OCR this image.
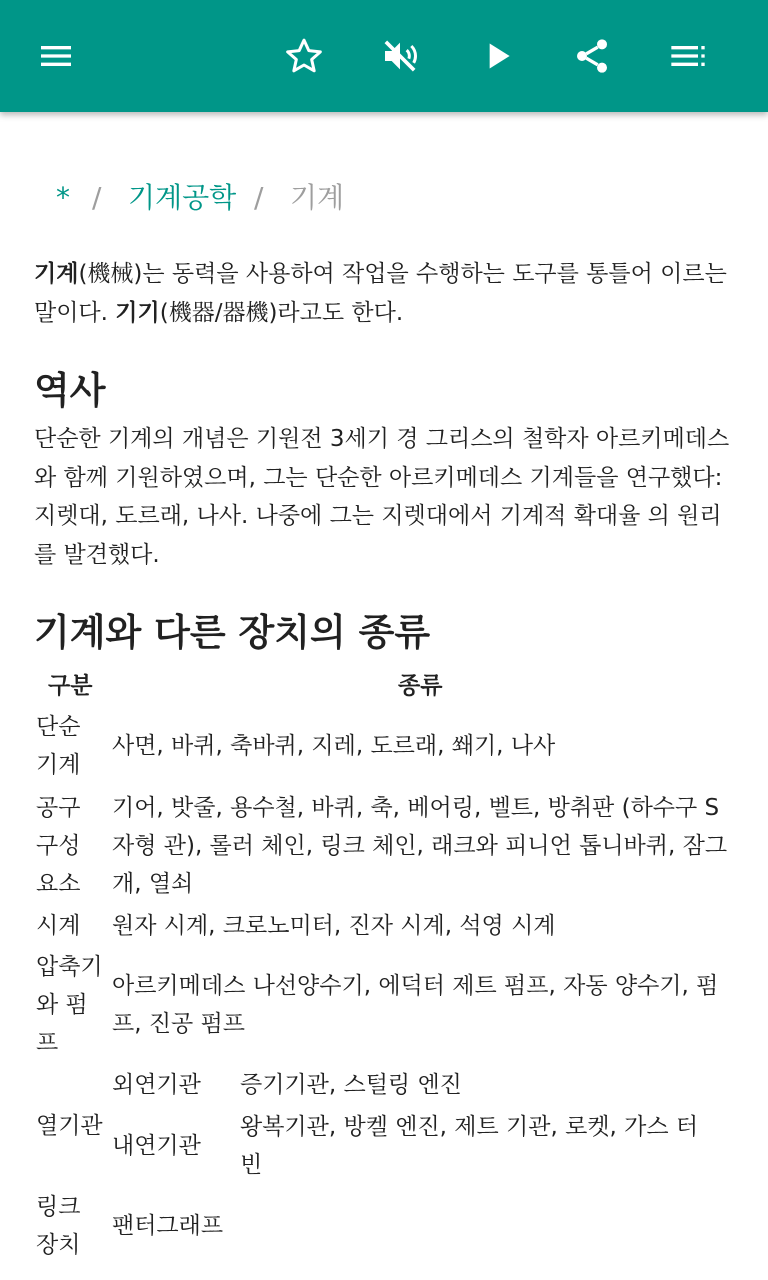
* / 기계공학 / 기계

기계(機械)는 동력을 사용하여 작업을 수행하는 도구를 통틀어 이르는 말이다. 기기(機器/器機)라고도 한다.

역사

단순한 기계의 개념은 기원전 3세기 경 그리스의 철학자 아르키메데스와 함께 기원하였으며, 그는 단순한 아르키메데스 기계들을 연구했다: 지렛대, 도르래, 나사. 나중에 그는 지렛대에서 기계적 확대율 의 원리를 발견했다.

기계와 다른 장치의 종류
구분	종류
단순
기계
사면, 바퀴, 축바퀴, 지레, 도르래, 쐐기, 나사
공구
구성
요소
기어, 밧줄, 용수철, 바퀴, 축, 베어링, 벨트, 방취판 (하수구 S자형 관), 롤러 체인, 링크 체인, 래크와 피니언 톱니바퀴, 잠그개, 열쇠
시계 원자 시계, 크로노미터, 진자 시계, 석영 시계
압축기
와 펌
프
아르키메데스 나선양수기, 에덕터 제트 펌프, 자동 양수기, 펌프, 진공 펌프
열기관
외연기관 증기기관, 스털링 엔진
내연기관
왕복기관, 방켈 엔진, 제트 기관, 로켓, 가스 터
빈
링크
장치
팬터그래프
